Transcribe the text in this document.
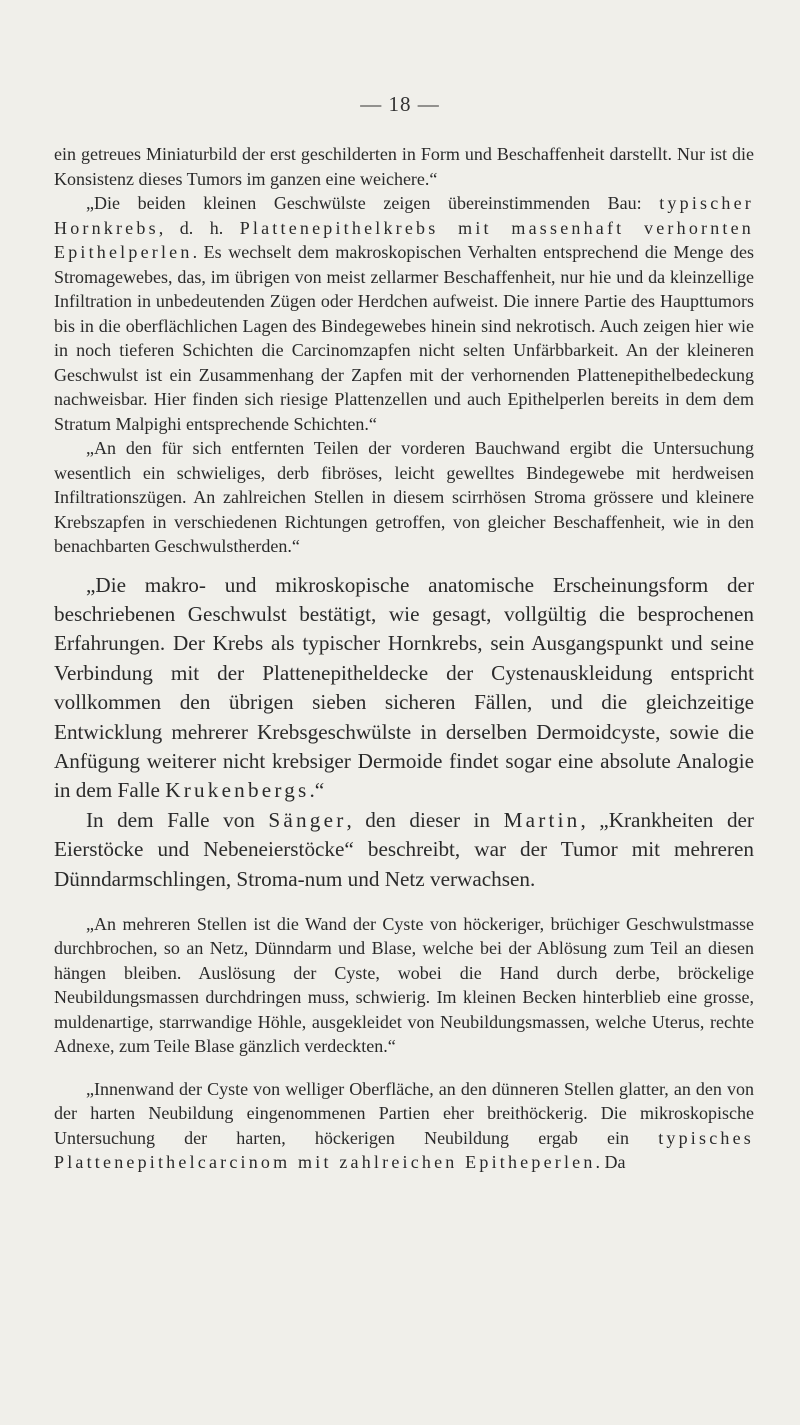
— 18 —

ein getreues Miniaturbild der erst geschilderten in Form und Beschaffenheit darstellt. Nur ist die Konsistenz dieses Tumors im ganzen eine weichere.“

„Die beiden kleinen Geschwülste zeigen übereinstimmenden Bau: typischer Hornkrebs, d. h. Plattenepithelkrebs mit massenhaft verhornten Epithelperlen. Es wechselt dem makroskopischen Verhalten entsprechend die Menge des Stromagewebes, das, im übrigen von meist zellarmer Beschaffenheit, nur hie und da kleinzellige Infiltration in unbedeutenden Zügen oder Herdchen aufweist. Die innere Partie des Haupttumors bis in die oberflächlichen Lagen des Bindegewebes hinein sind nekrotisch. Auch zeigen hier wie in noch tieferen Schichten die Carcinomzapfen nicht selten Unfärbbarkeit. An der kleineren Geschwulst ist ein Zusammenhang der Zapfen mit der verhornenden Plattenepithelbedeckung nachweisbar. Hier finden sich riesige Plattenzellen und auch Epithelperlen bereits in dem dem Stratum Malpighi entsprechende Schichten.“

„An den für sich entfernten Teilen der vorderen Bauchwand ergibt die Untersuchung wesentlich ein schwieliges, derb fibröses, leicht gewelltes Bindegewebe mit herdweisen Infiltrationszügen. An zahlreichen Stellen in diesem scirrhösen Stroma grössere und kleinere Krebszapfen in verschiedenen Richtungen getroffen, von gleicher Beschaffenheit, wie in den benachbarten Geschwulstherden.“

„Die makro- und mikroskopische anatomische Erscheinungsform der beschriebenen Geschwulst bestätigt, wie gesagt, vollgültig die besprochenen Erfahrungen. Der Krebs als typischer Hornkrebs, sein Ausgangspunkt und seine Verbindung mit der Plattenepitheldecke der Cystenauskleidung entspricht vollkommen den übrigen sieben sicheren Fällen, und die gleichzeitige Entwicklung mehrerer Krebsgeschwülste in derselben Dermoidcyste, sowie die Anfügung weiterer nicht krebsiger Dermoide findet sogar eine absolute Analogie in dem Falle Krukenbergs.“

In dem Falle von Sänger, den dieser in Martin, „Krankheiten der Eierstöcke und Nebeneierstöcke“ beschreibt, war der Tumor mit mehreren Dünndarmschlingen, Stroma-num und Netz verwachsen.

„An mehreren Stellen ist die Wand der Cyste von höckeriger, brüchiger Geschwulstmasse durchbrochen, so an Netz, Dünndarm und Blase, welche bei der Ablösung zum Teil an diesen hängen bleiben. Auslösung der Cyste, wobei die Hand durch derbe, bröckelige Neubildungsmassen durchdringen muss, schwierig. Im kleinen Becken hinterblieb eine grosse, muldenartige, starrwandige Höhle, ausgekleidet von Neubildungsmassen, welche Uterus, rechte Adnexe, zum Teile Blase gänzlich verdeckten.“

„Innenwand der Cyste von welliger Oberfläche, an den dünneren Stellen glatter, an den von der harten Neubildung eingenommenen Partien eher breithöckerig. Die mikroskopische Untersuchung der harten, höckerigen Neubildung ergab ein typisches Plattenepithelcarcinom mit zahlreichen Epitheperlen. Da
